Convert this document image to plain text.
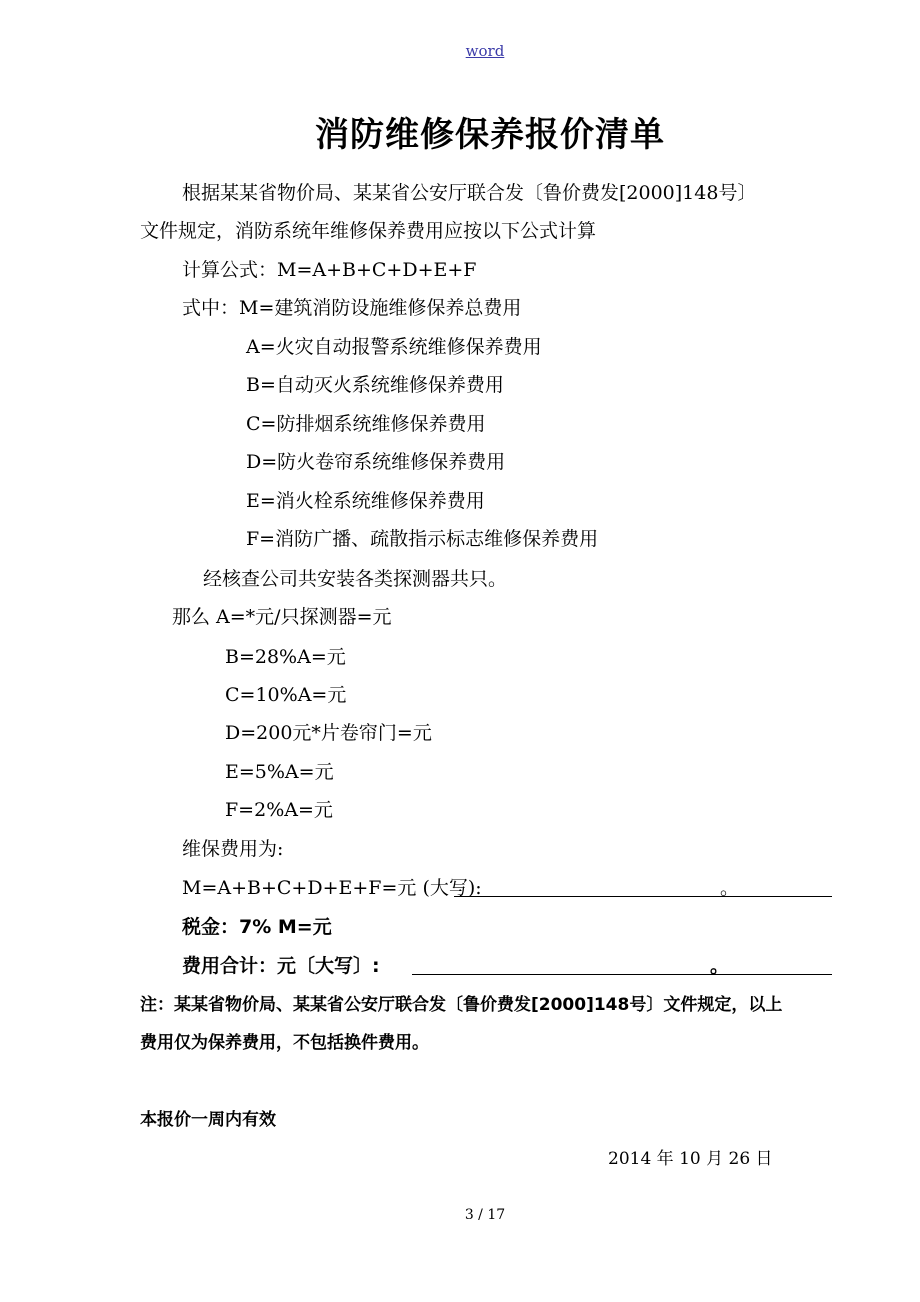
word
消防维修保养报价清单
根据某某省物价局、某某省公安厅联合发〔鲁价费发[2000]148号〕
文件规定，消防系统年维修保养费用应按以下公式计算
计算公式：M=A+B+C+D+E+F
式中：M=建筑消防设施维修保养总费用
A=火灾自动报警系统维修保养费用
B=自动灭火系统维修保养费用
C=防排烟系统维修保养费用
D=防火卷帘系统维修保养费用
E=消火栓系统维修保养费用
F=消防广播、疏散指示标志维修保养费用
经核查公司共安装各类探测器共只。
那么 A=*元/只探测器=元
B=28%A=元
C=10%A=元
D=200元*片卷帘门=元
E=5%A=元
F=2%A=元
维保费用为:
M=A+B+C+D+E+F=元 (大写):	。
税金：7% M=元
费用合计：元〔大写〕:	。
注：某某省物价局、某某省公安厅联合发〔鲁价费发[2000]148号〕文件规定，以上
费用仅为保养费用，不包括换件费用。
本报价一周内有效
2014 年 10 月 26 日
3 / 17
